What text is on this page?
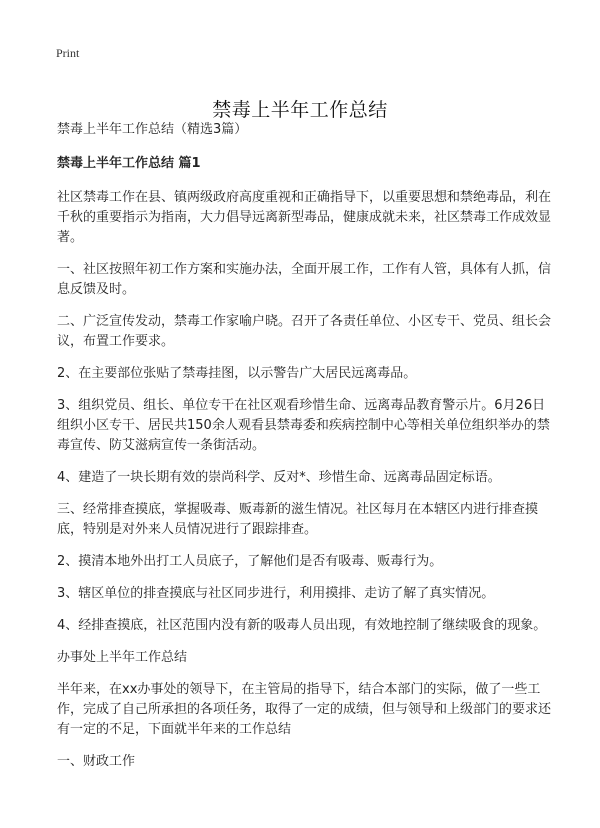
Print
禁毒上半年工作总结

禁毒上半年工作总结（精选3篇）

禁毒上半年工作总结 篇1

社区禁毒工作在县、镇两级政府高度重视和正确指导下，以重要思想和禁绝毒品，利在千秋的重要指示为指南，大力倡导远离新型毒品，健康成就未来，社区禁毒工作成效显著。

一、社区按照年初工作方案和实施办法，全面开展工作，工作有人管，具体有人抓，信息反馈及时。

二、广泛宣传发动，禁毒工作家喻户晓。召开了各责任单位、小区专干、党员、组长会议，布置工作要求。

2、在主要部位张贴了禁毒挂图，以示警告广大居民远离毒品。

3、组织党员、组长、单位专干在社区观看珍惜生命、远离毒品教育警示片。6月26日组织小区专干、居民共150余人观看县禁毒委和疾病控制中心等相关单位组织举办的禁毒宣传、防艾滋病宣传一条街活动。

4、建造了一块长期有效的崇尚科学、反对*、珍惜生命、远离毒品固定标语。

三、经常排查摸底，掌握吸毒、贩毒新的滋生情况。社区每月在本辖区内进行排查摸底，特别是对外来人员情况进行了跟踪排查。

2、摸清本地外出打工人员底子，了解他们是否有吸毒、贩毒行为。

3、辖区单位的排查摸底与社区同步进行，利用摸排、走访了解了真实情况。

4、经排查摸底，社区范围内没有新的吸毒人员出现，有效地控制了继续吸食的现象。

办事处上半年工作总结

半年来，在xx办事处的领导下，在主管局的指导下，结合本部门的实际，做了一些工作，完成了自己所承担的各项任务，取得了一定的成绩，但与领导和上级部门的要求还有一定的不足，下面就半年来的工作总结

一、财政工作
